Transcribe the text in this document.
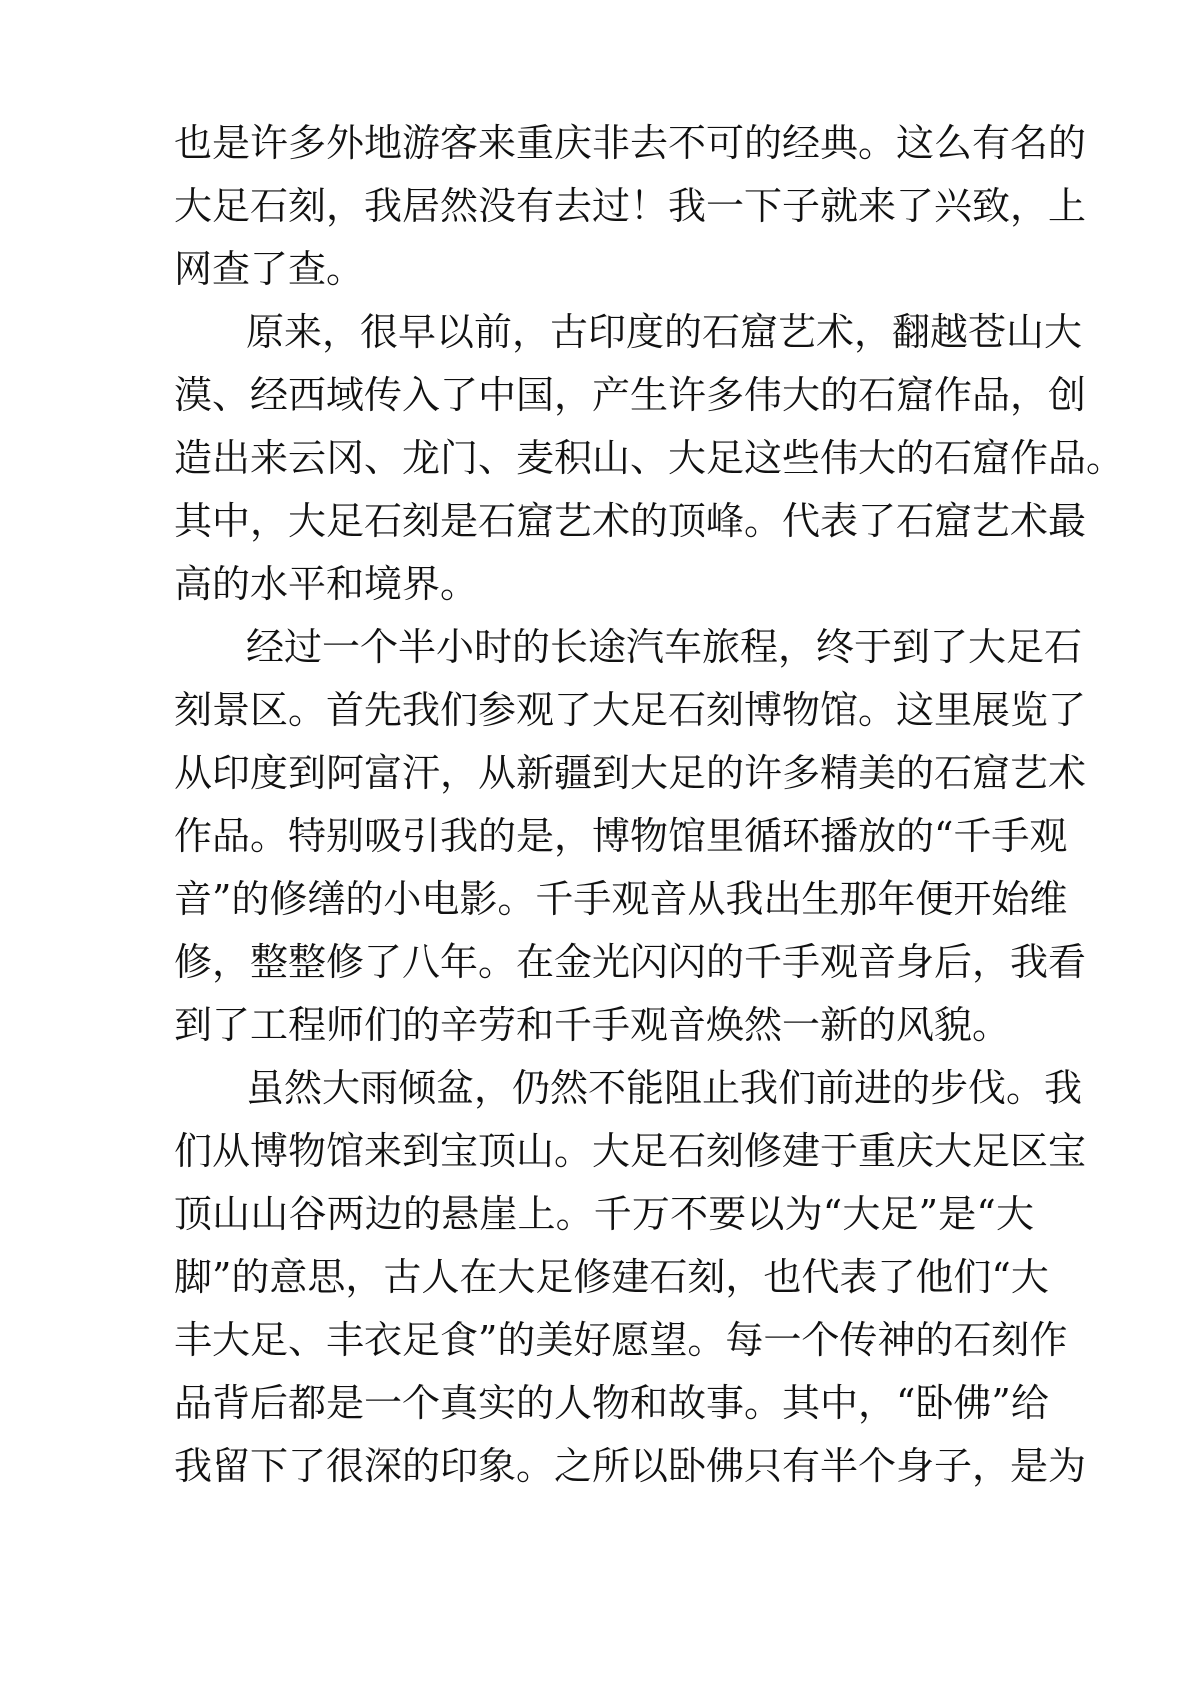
也是许多外地游客来重庆非去不可的经典。这么有名的
大足石刻，我居然没有去过！我一下子就来了兴致，上
网查了查。
原来，很早以前，古印度的石窟艺术，翻越苍山大
漠、经西域传入了中国，产生许多伟大的石窟作品，创
造出来云冈、龙门、麦积山、大足这些伟大的石窟作品。
其中，大足石刻是石窟艺术的顶峰。代表了石窟艺术最
高的水平和境界。
经过一个半小时的长途汽车旅程，终于到了大足石
刻景区。首先我们参观了大足石刻博物馆。这里展览了
从印度到阿富汗，从新疆到大足的许多精美的石窟艺术
作品。特别吸引我的是，博物馆里循环播放的“千手观
音”的修缮的小电影。千手观音从我出生那年便开始维
修，整整修了八年。在金光闪闪的千手观音身后，我看
到了工程师们的辛劳和千手观音焕然一新的风貌。
虽然大雨倾盆，仍然不能阻止我们前进的步伐。我
们从博物馆来到宝顶山。大足石刻修建于重庆大足区宝
顶山山谷两边的悬崖上。千万不要以为“大足”是“大
脚”的意思，古人在大足修建石刻，也代表了他们“大
丰大足、丰衣足食”的美好愿望。每一个传神的石刻作
品背后都是一个真实的人物和故事。其中，“卧佛”给
我留下了很深的印象。之所以卧佛只有半个身子，是为
